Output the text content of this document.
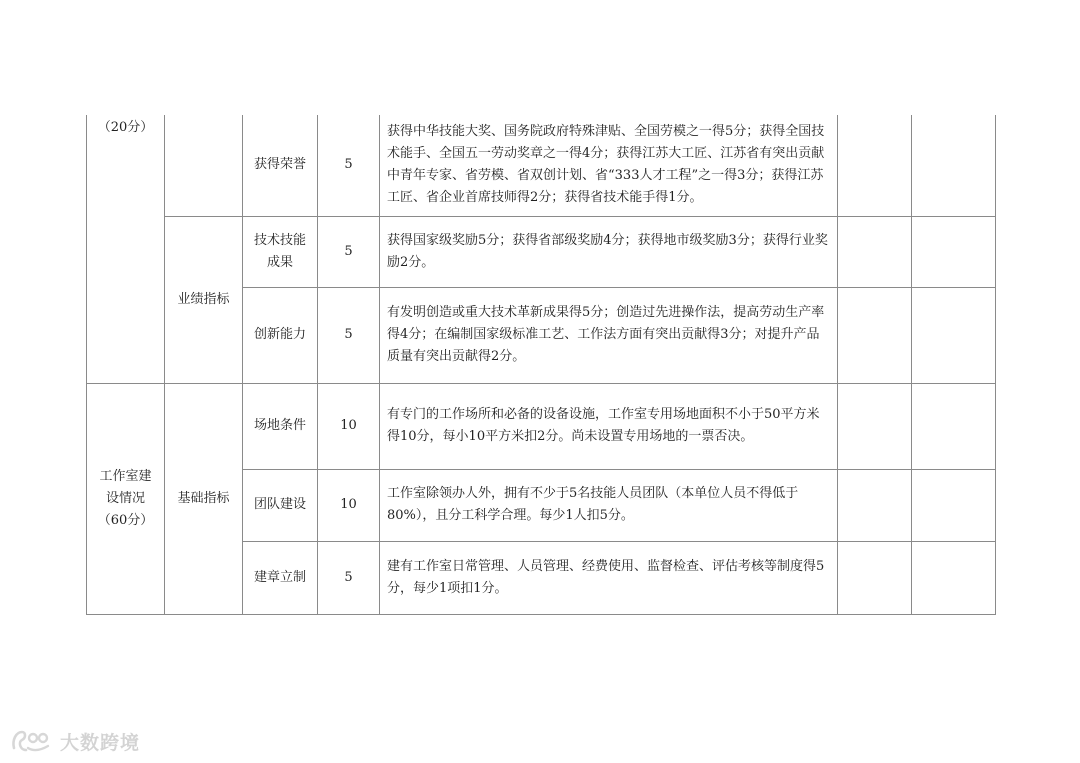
（20分）		获得荣誉	5	获得中华技能大奖、国务院政府特殊津贴、全国劳模之一得5分；获得全国技术能手、全国五一劳动奖章之一得4分；获得江苏大工匠、江苏省有突出贡献中青年专家、省劳模、省双创计划、省“333人才工程”之一得3分；获得江苏工匠、省企业首席技师得2分；获得省技术能手得1分。		
	业绩指标	技术技能成果	5	获得国家级奖励5分；获得省部级奖励4分；获得地市级奖励3分；获得行业奖励2分。		
		创新能力	5	有发明创造或重大技术革新成果得5分；创造过先进操作法，提高劳动生产率得4分；在编制国家级标准工艺、工作法方面有突出贡献得3分；对提升产品质量有突出贡献得2分。		
工作室建设情况（60分）	基础指标	场地条件	10	有专门的工作场所和必备的设备设施，工作室专用场地面积不小于50平方米得10分，每小10平方米扣2分。尚未设置专用场地的一票否决。		
		团队建设	10	工作室除领办人外，拥有不少于5名技能人员团队（本单位人员不得低于80%），且分工科学合理。每少1人扣5分。		
		建章立制	5	建有工作室日常管理、人员管理、经费使用、监督检查、评估考核等制度得5分，每少1项扣1分。		
大数跨境
